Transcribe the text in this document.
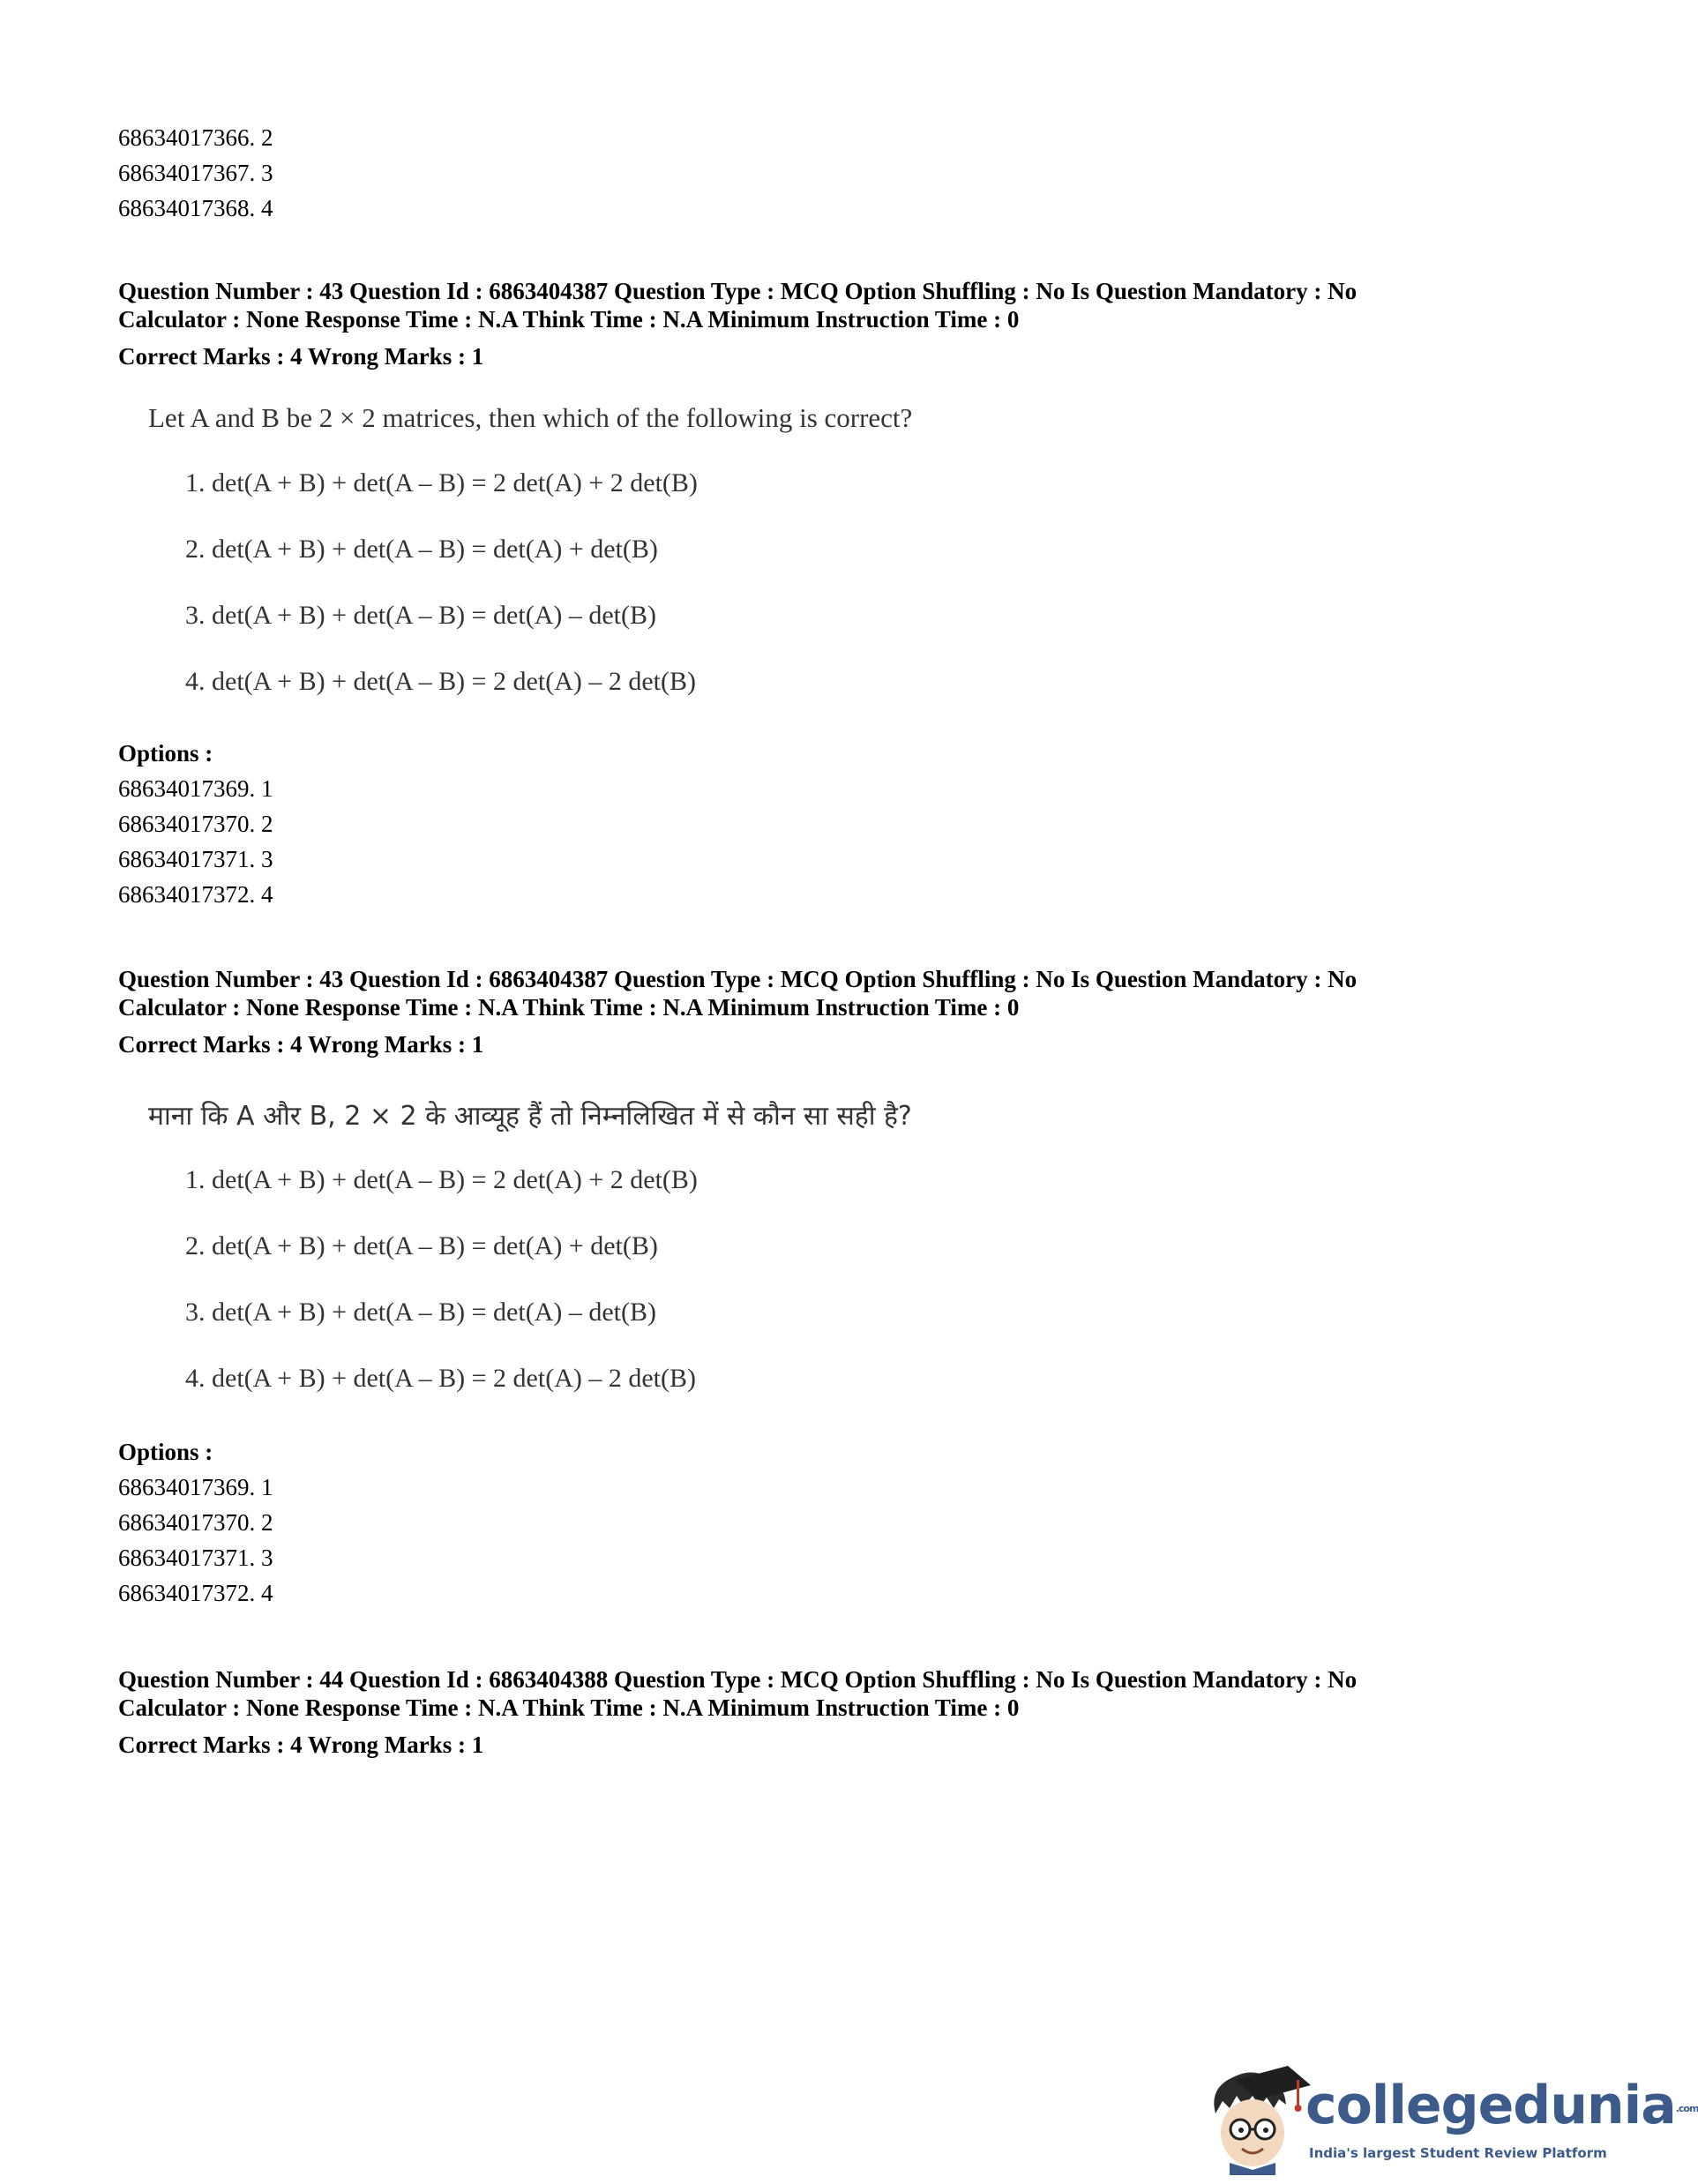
68634017366. 2
68634017367. 3
68634017368. 4
Question Number : 43 Question Id : 6863404387 Question Type : MCQ Option Shuffling : No Is Question Mandatory : No
Calculator : None Response Time : N.A Think Time : N.A Minimum Instruction Time : 0
Correct Marks : 4 Wrong Marks : 1
Let A and B be 2 × 2 matrices, then which of the following is correct?
1. det(A + B) + det(A – B) = 2 det(A) + 2 det(B)
2. det(A + B) + det(A – B) = det(A) + det(B)
3. det(A + B) + det(A – B) = det(A) – det(B)
4. det(A + B) + det(A – B) = 2 det(A) – 2 det(B)
Options :
68634017369. 1
68634017370. 2
68634017371. 3
68634017372. 4
Question Number : 43 Question Id : 6863404387 Question Type : MCQ Option Shuffling : No Is Question Mandatory : No
Calculator : None Response Time : N.A Think Time : N.A Minimum Instruction Time : 0
Correct Marks : 4 Wrong Marks : 1
माना कि A और B, 2 × 2 के आव्यूह हैं तो निम्नलिखित में से कौन सा सही है?
1. det(A + B) + det(A – B) = 2 det(A) + 2 det(B)
2. det(A + B) + det(A – B) = det(A) + det(B)
3. det(A + B) + det(A – B) = det(A) – det(B)
4. det(A + B) + det(A – B) = 2 det(A) – 2 det(B)
Options :
68634017369. 1
68634017370. 2
68634017371. 3
68634017372. 4
Question Number : 44 Question Id : 6863404388 Question Type : MCQ Option Shuffling : No Is Question Mandatory : No
Calculator : None Response Time : N.A Think Time : N.A Minimum Instruction Time : 0
Correct Marks : 4 Wrong Marks : 1
collegedunia.com
India's largest Student Review Platform
